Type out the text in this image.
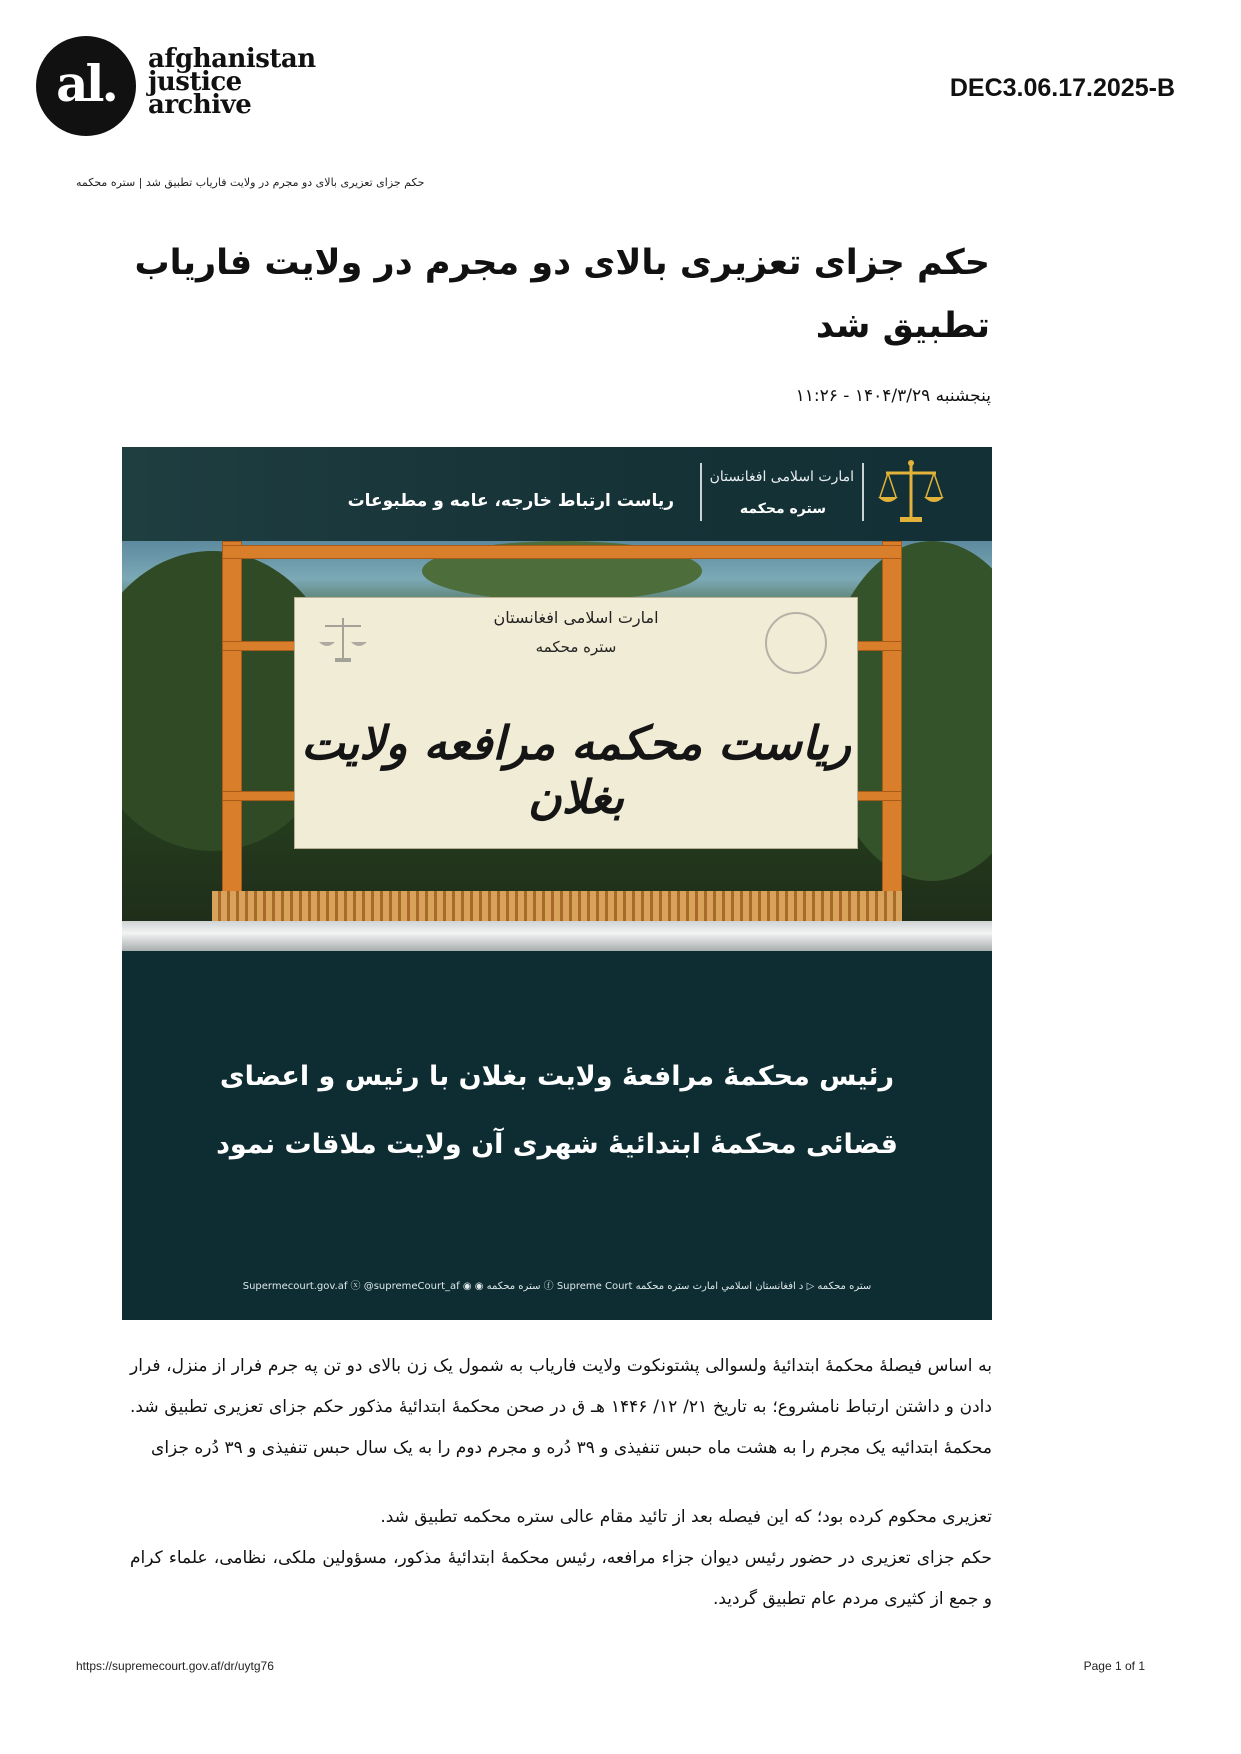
al.	afghanistan
justice
archive
DEC3.06.17.2025-B
حکم جزای تعزیری بالای دو مجرم در ولایت فاریاب تطبیق شد | ستره محکمه
حکم جزای تعزیری بالای دو مجرم در ولایت فاریاب تطبیق شد
پنجشنبه ۱۴۰۴/۳/۲۹ - ۱۱:۲۶
امارت اسلامی افغانستان
ستره محکمه
ریاست ارتباط خارجه، عامه و مطبوعات
امارت اسلامی افغانستان
ستره محکمه
ریاست محکمه مرافعه ولایت بغلان
رئیس محکمهٔ مرافعهٔ ولایت بغلان با رئیس و اعضای
قضائی محکمهٔ ابتدائیهٔ شهری آن ولایت ملاقات نمود
Supermecourt.gov.af ⓧ @supremeCourt_af ◉ ◉ ستره محکمه ⓕ Supreme Court ستره محکمه ▷ د افغانستان اسلامي امارت ستره محکمه

به اساس فیصلهٔ محکمهٔ ابتدائیهٔ ولسوالی پشتونکوت ولایت فاریاب به شمول یک زن بالای دو تن په جرم فرار از منزل، فرار دادن و داشتن ارتباط نامشروع؛ به تاریخ ۲۱/ ۱۲/ ۱۴۴۶ هـ ق در صحن محکمهٔ ابتدائیهٔ مذکور حکم جزای تعزیری تطبیق شد. محکمهٔ ابتدائیه یک مجرم را به هشت ماه حبس تنفیذی و ۳۹ دُره و مجرم دوم را به یک سال حبس تنفیذی و ۳۹ دُره جزای

تعزیری محکوم کرده بود؛ که این فیصله بعد از تائید مقام عالی ستره محکمه تطبیق شد.

حکم جزای تعزیری در حضور رئیس دیوان جزاء مرافعه، رئیس محکمهٔ ابتدائیهٔ مذکور، مسؤولین ملکی، نظامی، علماء کرام و جمع از کثیری مردم عام تطبیق گردید.

https://supremecourt.gov.af/dr/uytg76	Page 1 of 1
